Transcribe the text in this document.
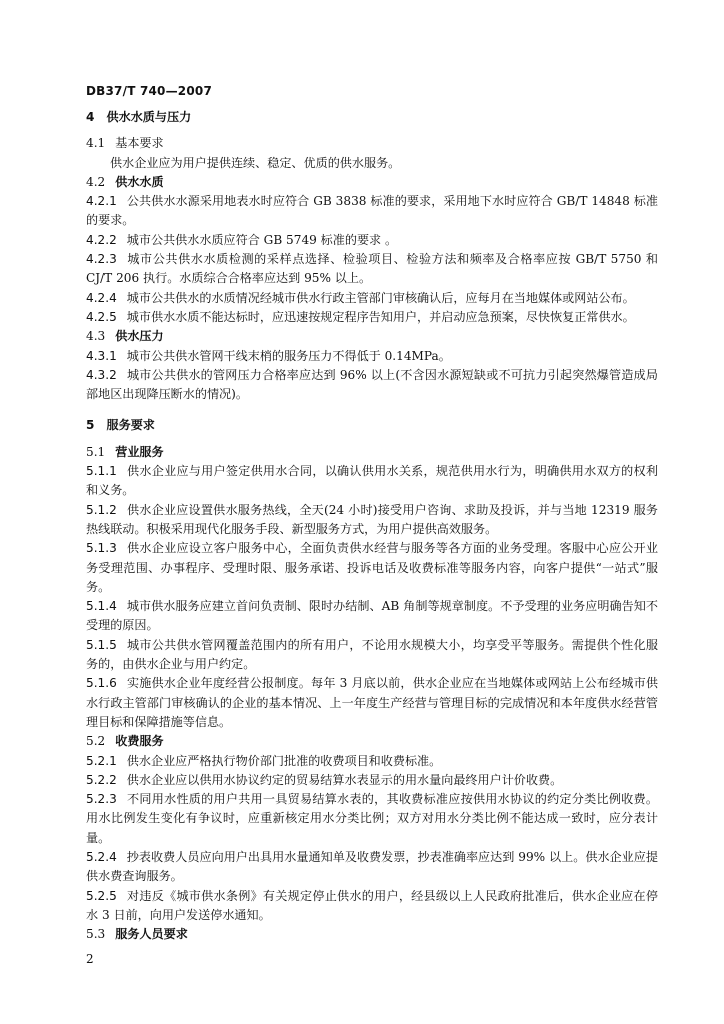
DB37/T 740—2007

4　供水水质与压力

4.1 基本要求

供水企业应为用户提供连续、稳定、优质的供水服务。

4.2 供水水质

4.2.1 公共供水水源采用地表水时应符合 GB 3838 标准的要求，采用地下水时应符合 GB/T 14848 标准的要求。

4.2.2 城市公共供水水质应符合 GB 5749 标准的要求 。

4.2.3 城市公共供水水质检测的采样点选择、检验项目、检验方法和频率及合格率应按 GB/T 5750 和 CJ/T 206 执行。水质综合合格率应达到 95% 以上。

4.2.4 城市公共供水的水质情况经城市供水行政主管部门审核确认后，应每月在当地媒体或网站公布。

4.2.5 城市供水水质不能达标时，应迅速按规定程序告知用户，并启动应急预案，尽快恢复正常供水。

4.3 供水压力

4.3.1 城市公共供水管网干线末梢的服务压力不得低于 0.14MPa。

4.3.2 城市公共供水的管网压力合格率应达到 96% 以上(不含因水源短缺或不可抗力引起突然爆管造成局部地区出现降压断水的情况)。

5　服务要求

5.1 营业服务

5.1.1 供水企业应与用户签定供用水合同，以确认供用水关系，规范供用水行为，明确供用水双方的权利和义务。

5.1.2 供水企业应设置供水服务热线，全天(24 小时)接受用户咨询、求助及投诉，并与当地 12319 服务热线联动。积极采用现代化服务手段、新型服务方式，为用户提供高效服务。

5.1.3 供水企业应设立客户服务中心，全面负责供水经营与服务等各方面的业务受理。客服中心应公开业务受理范围、办事程序、受理时限、服务承诺、投诉电话及收费标准等服务内容，向客户提供“一站式”服务。

5.1.4 城市供水服务应建立首问负责制、限时办结制、AB 角制等规章制度。不予受理的业务应明确告知不受理的原因。

5.1.5 城市公共供水管网覆盖范围内的所有用户，不论用水规模大小，均享受平等服务。需提供个性化服务的，由供水企业与用户约定。

5.1.6 实施供水企业年度经营公报制度。每年 3 月底以前，供水企业应在当地媒体或网站上公布经城市供水行政主管部门审核确认的企业的基本情况、上一年度生产经营与管理目标的完成情况和本年度供水经营管理目标和保障措施等信息。

5.2 收费服务

5.2.1 供水企业应严格执行物价部门批准的收费项目和收费标准。

5.2.2 供水企业应以供用水协议约定的贸易结算水表显示的用水量向最终用户计价收费。

5.2.3 不同用水性质的用户共用一具贸易结算水表的，其收费标准应按供用水协议的约定分类比例收费。用水比例发生变化有争议时，应重新核定用水分类比例；双方对用水分类比例不能达成一致时，应分表计量。

5.2.4 抄表收费人员应向用户出具用水量通知单及收费发票，抄表准确率应达到 99% 以上。供水企业应提供水费查询服务。

5.2.5 对违反《城市供水条例》有关规定停止供水的用户，经县级以上人民政府批准后，供水企业应在停水 3 日前，向用户发送停水通知。

5.3 服务人员要求

2
